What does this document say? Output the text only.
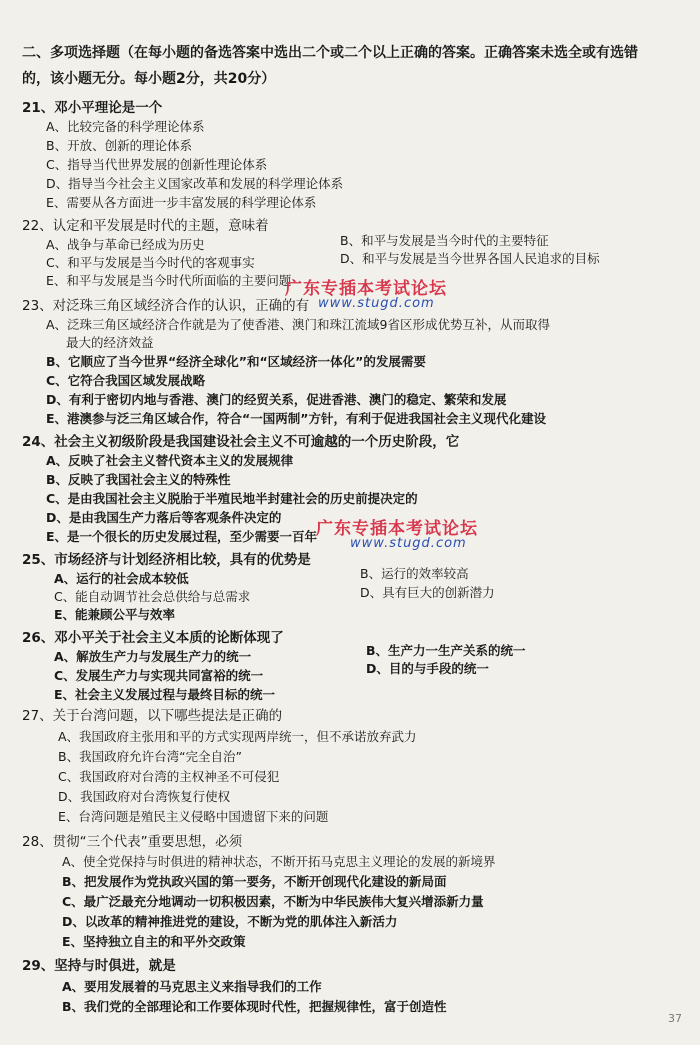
二、多项选择题（在每小题的备选答案中选出二个或二个以上正确的答案。正确答案未选全或有选错的，该小题无分。每小题2分，共20分）
21、邓小平理论是一个
A、比较完备的科学理论体系
B、开放、创新的理论体系
C、指导当代世界发展的创新性理论体系
D、指导当今社会主义国家改革和发展的科学理论体系
E、需要从各方面进一步丰富发展的科学理论体系
22、认定和平发展是时代的主题，意味着
A、战争与革命已经成为历史	B、和平与发展是当今时代的主要特征
C、和平与发展是当今时代的客观事实	D、和平与发展是当今世界各国人民追求的目标
E、和平与发展是当今时代所面临的主要问题
广东专插本考试论坛
www.stugd.com
23、对泛珠三角区域经济合作的认识，正确的有
A、泛珠三角区域经济合作就是为了使香港、澳门和珠江流域9省区形成优势互补，从而取得
最大的经济效益
B、它顺应了当今世界“经济全球化”和“区域经济一体化”的发展需要
C、它符合我国区域发展战略
D、有利于密切内地与香港、澳门的经贸关系，促进香港、澳门的稳定、繁荣和发展
E、港澳参与泛三角区域合作，符合“一国两制”方针，有利于促进我国社会主义现代化建设
24、社会主义初级阶段是我国建设社会主义不可逾越的一个历史阶段，它
A、反映了社会主义替代资本主义的发展规律
B、反映了我国社会主义的特殊性
C、是由我国社会主义脱胎于半殖民地半封建社会的历史前提决定的
D、是由我国生产力落后等客观条件决定的
E、是一个很长的历史发展过程，至少需要一百年
广东专插本考试论坛
www.stugd.com
25、市场经济与计划经济相比较，具有的优势是
A、运行的社会成本较低	B、运行的效率较高
C、能自动调节社会总供给与总需求	D、具有巨大的创新潜力
E、能兼顾公平与效率
26、邓小平关于社会主义本质的论断体现了
A、解放生产力与发展生产力的统一	B、生产力一生产关系的统一
C、发展生产力与实现共同富裕的统一	D、目的与手段的统一
E、社会主义发展过程与最终目标的统一
27、关于台湾问题，以下哪些提法是正确的
A、我国政府主张用和平的方式实现两岸统一，但不承诺放弃武力
B、我国政府允许台湾“完全自治”
C、我国政府对台湾的主权神圣不可侵犯
D、我国政府对台湾恢复行使权
E、台湾问题是殖民主义侵略中国遗留下来的问题
28、贯彻“三个代表”重要思想，必须
A、使全党保持与时俱进的精神状态，不断开拓马克思主义理论的发展的新境界
B、把发展作为党执政兴国的第一要务，不断开创现代化建设的新局面
C、最广泛最充分地调动一切积极因素，不断为中华民族伟大复兴增添新力量
D、以改革的精神推进党的建设，不断为党的肌体注入新活力
E、坚持独立自主的和平外交政策
29、坚持与时俱进，就是
A、要用发展着的马克思主义来指导我们的工作
B、我们党的全部理论和工作要体现时代性，把握规律性，富于创造性
37
